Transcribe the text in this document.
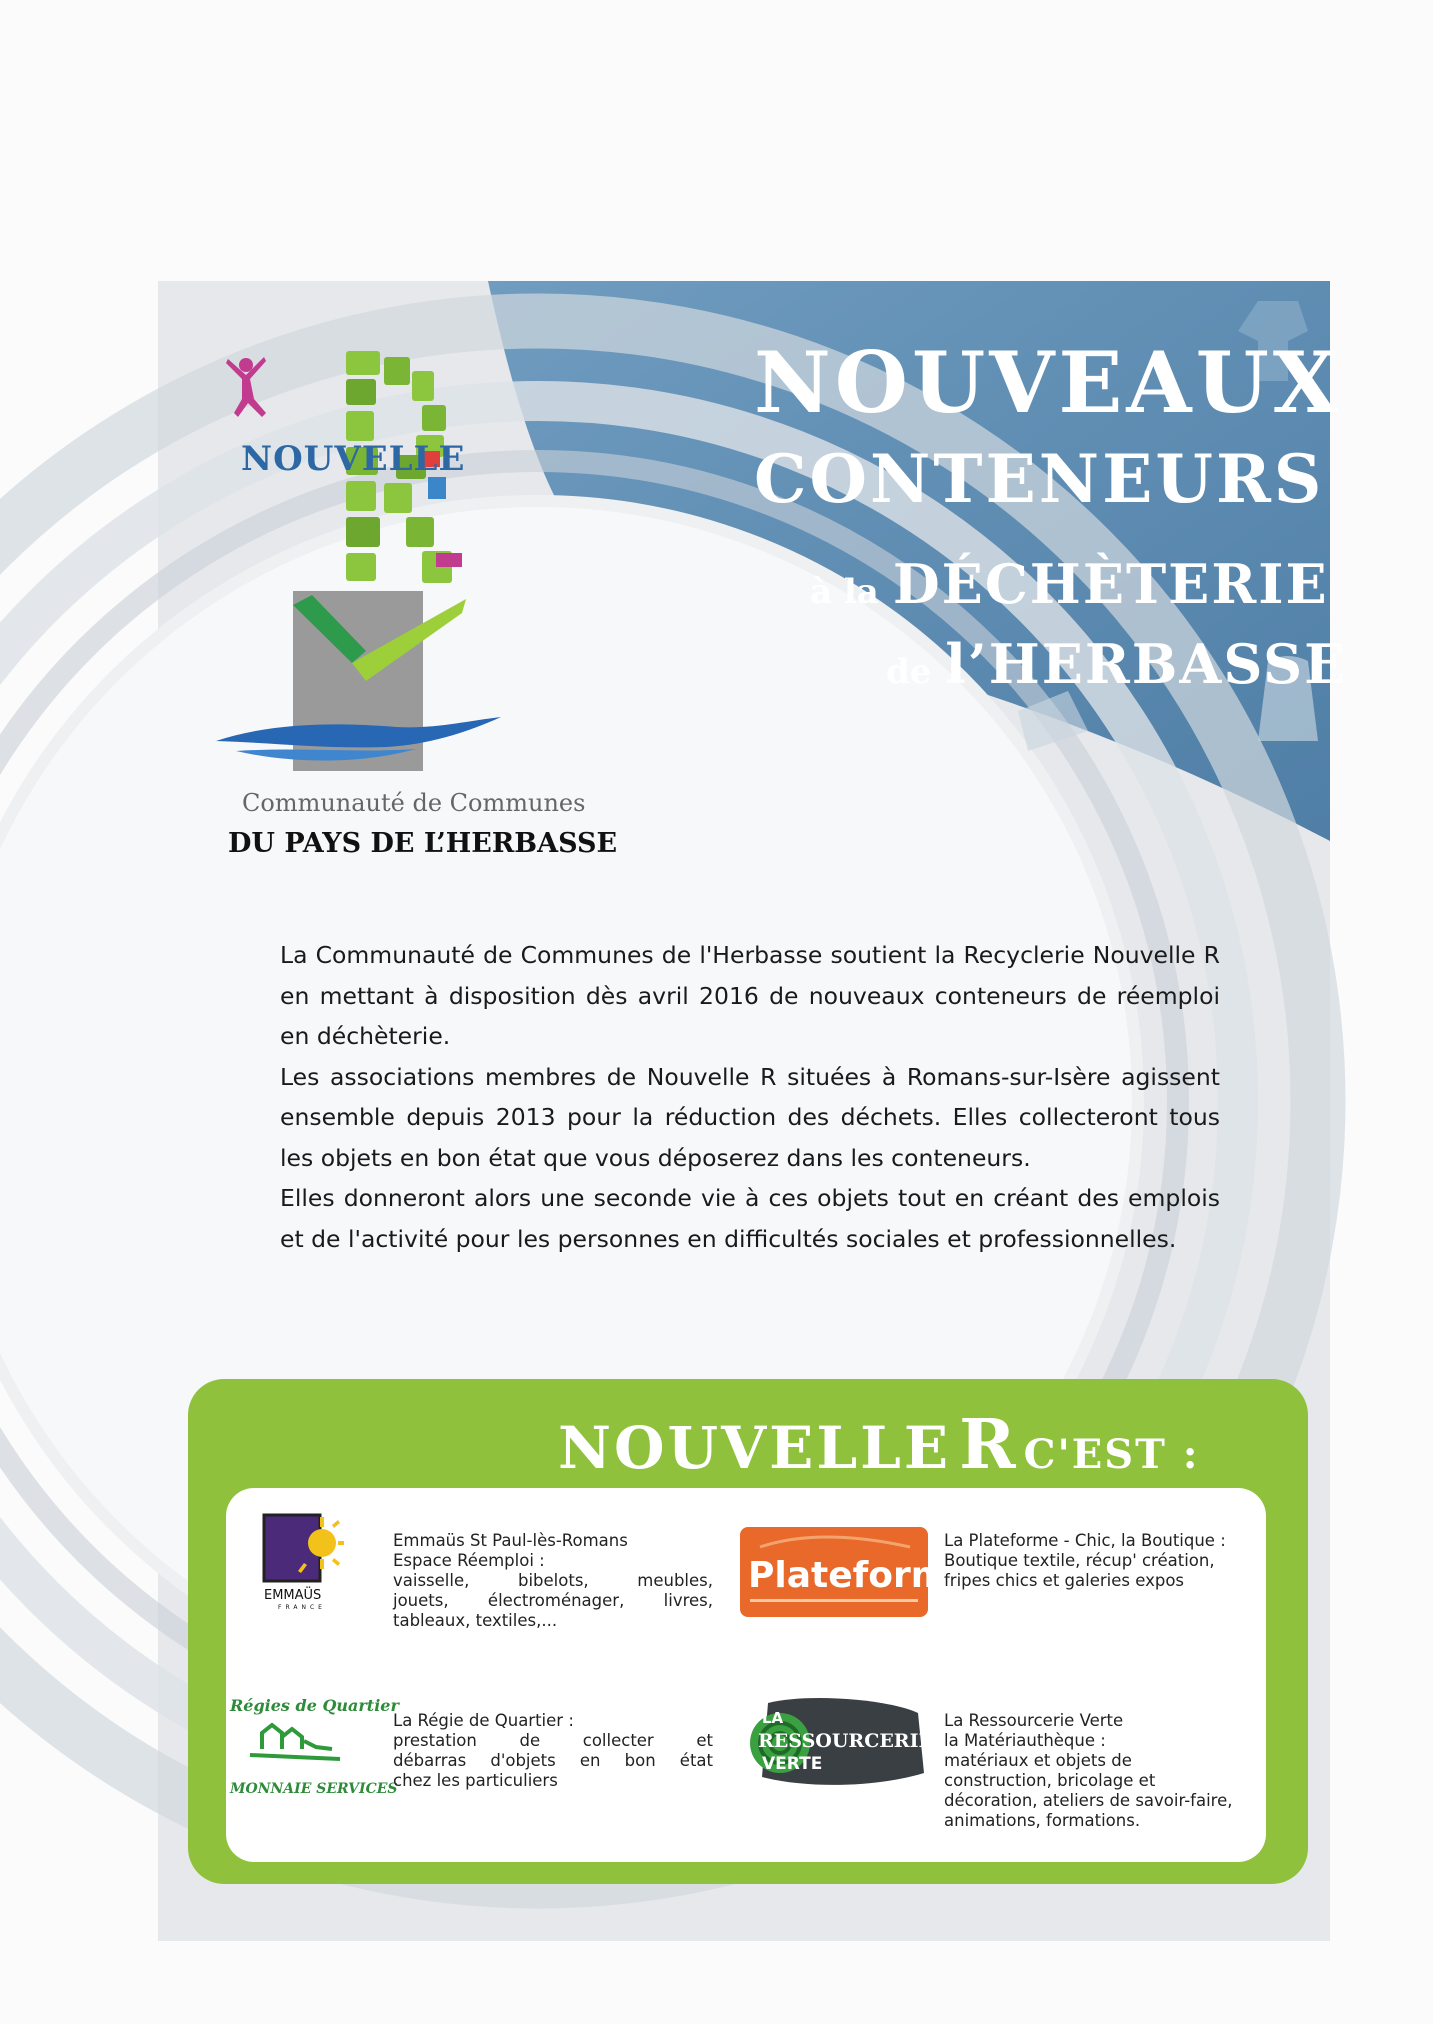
NOUVELLE
Communauté de Communes
DU PAYS DE L’HERBASSE
NOUVEAUX
CONTENEURS
à la DÉCHÈTERIE
de l’HERBASSE

La Communauté de Communes de l'Herbasse soutient la Recyclerie Nouvelle R en mettant à disposition dès avril 2016 de nouveaux conteneurs de réemploi en déchèterie.

Les associations membres de Nouvelle R situées à Romans-sur-Isère agissent ensemble depuis 2013 pour la réduction des déchets. Elles collecteront tous les objets en bon état que vous déposerez dans les conteneurs.

Elles donneront alors une seconde vie à ces objets tout en créant des emplois et de l'activité pour les personnes en difficultés sociales et professionnelles.

NOUVELLE R C'EST :
EMMAÜS
FRANCE
Emmaüs St Paul-lès-Romans
Espace Réemploi :

vaisselle, bibelots, meubles,
jouets, électroménager, livres,
tableaux, textiles,...
Plateforme
La Plateforme - Chic, la Boutique :
Boutique textile, récup' création,
fripes chics et galeries expos
Régies de Quartier
MONNAIE SERVICES
La Régie de Quartier :

prestation de collecter et
débarras d'objets en bon état
chez les particuliers
LA
RESSOURCERIE
VERTE
La Ressourcerie Verte
la Matériauthèque :
matériaux et objets de
construction, bricolage et
décoration, ateliers de savoir-faire,
animations, formations.
